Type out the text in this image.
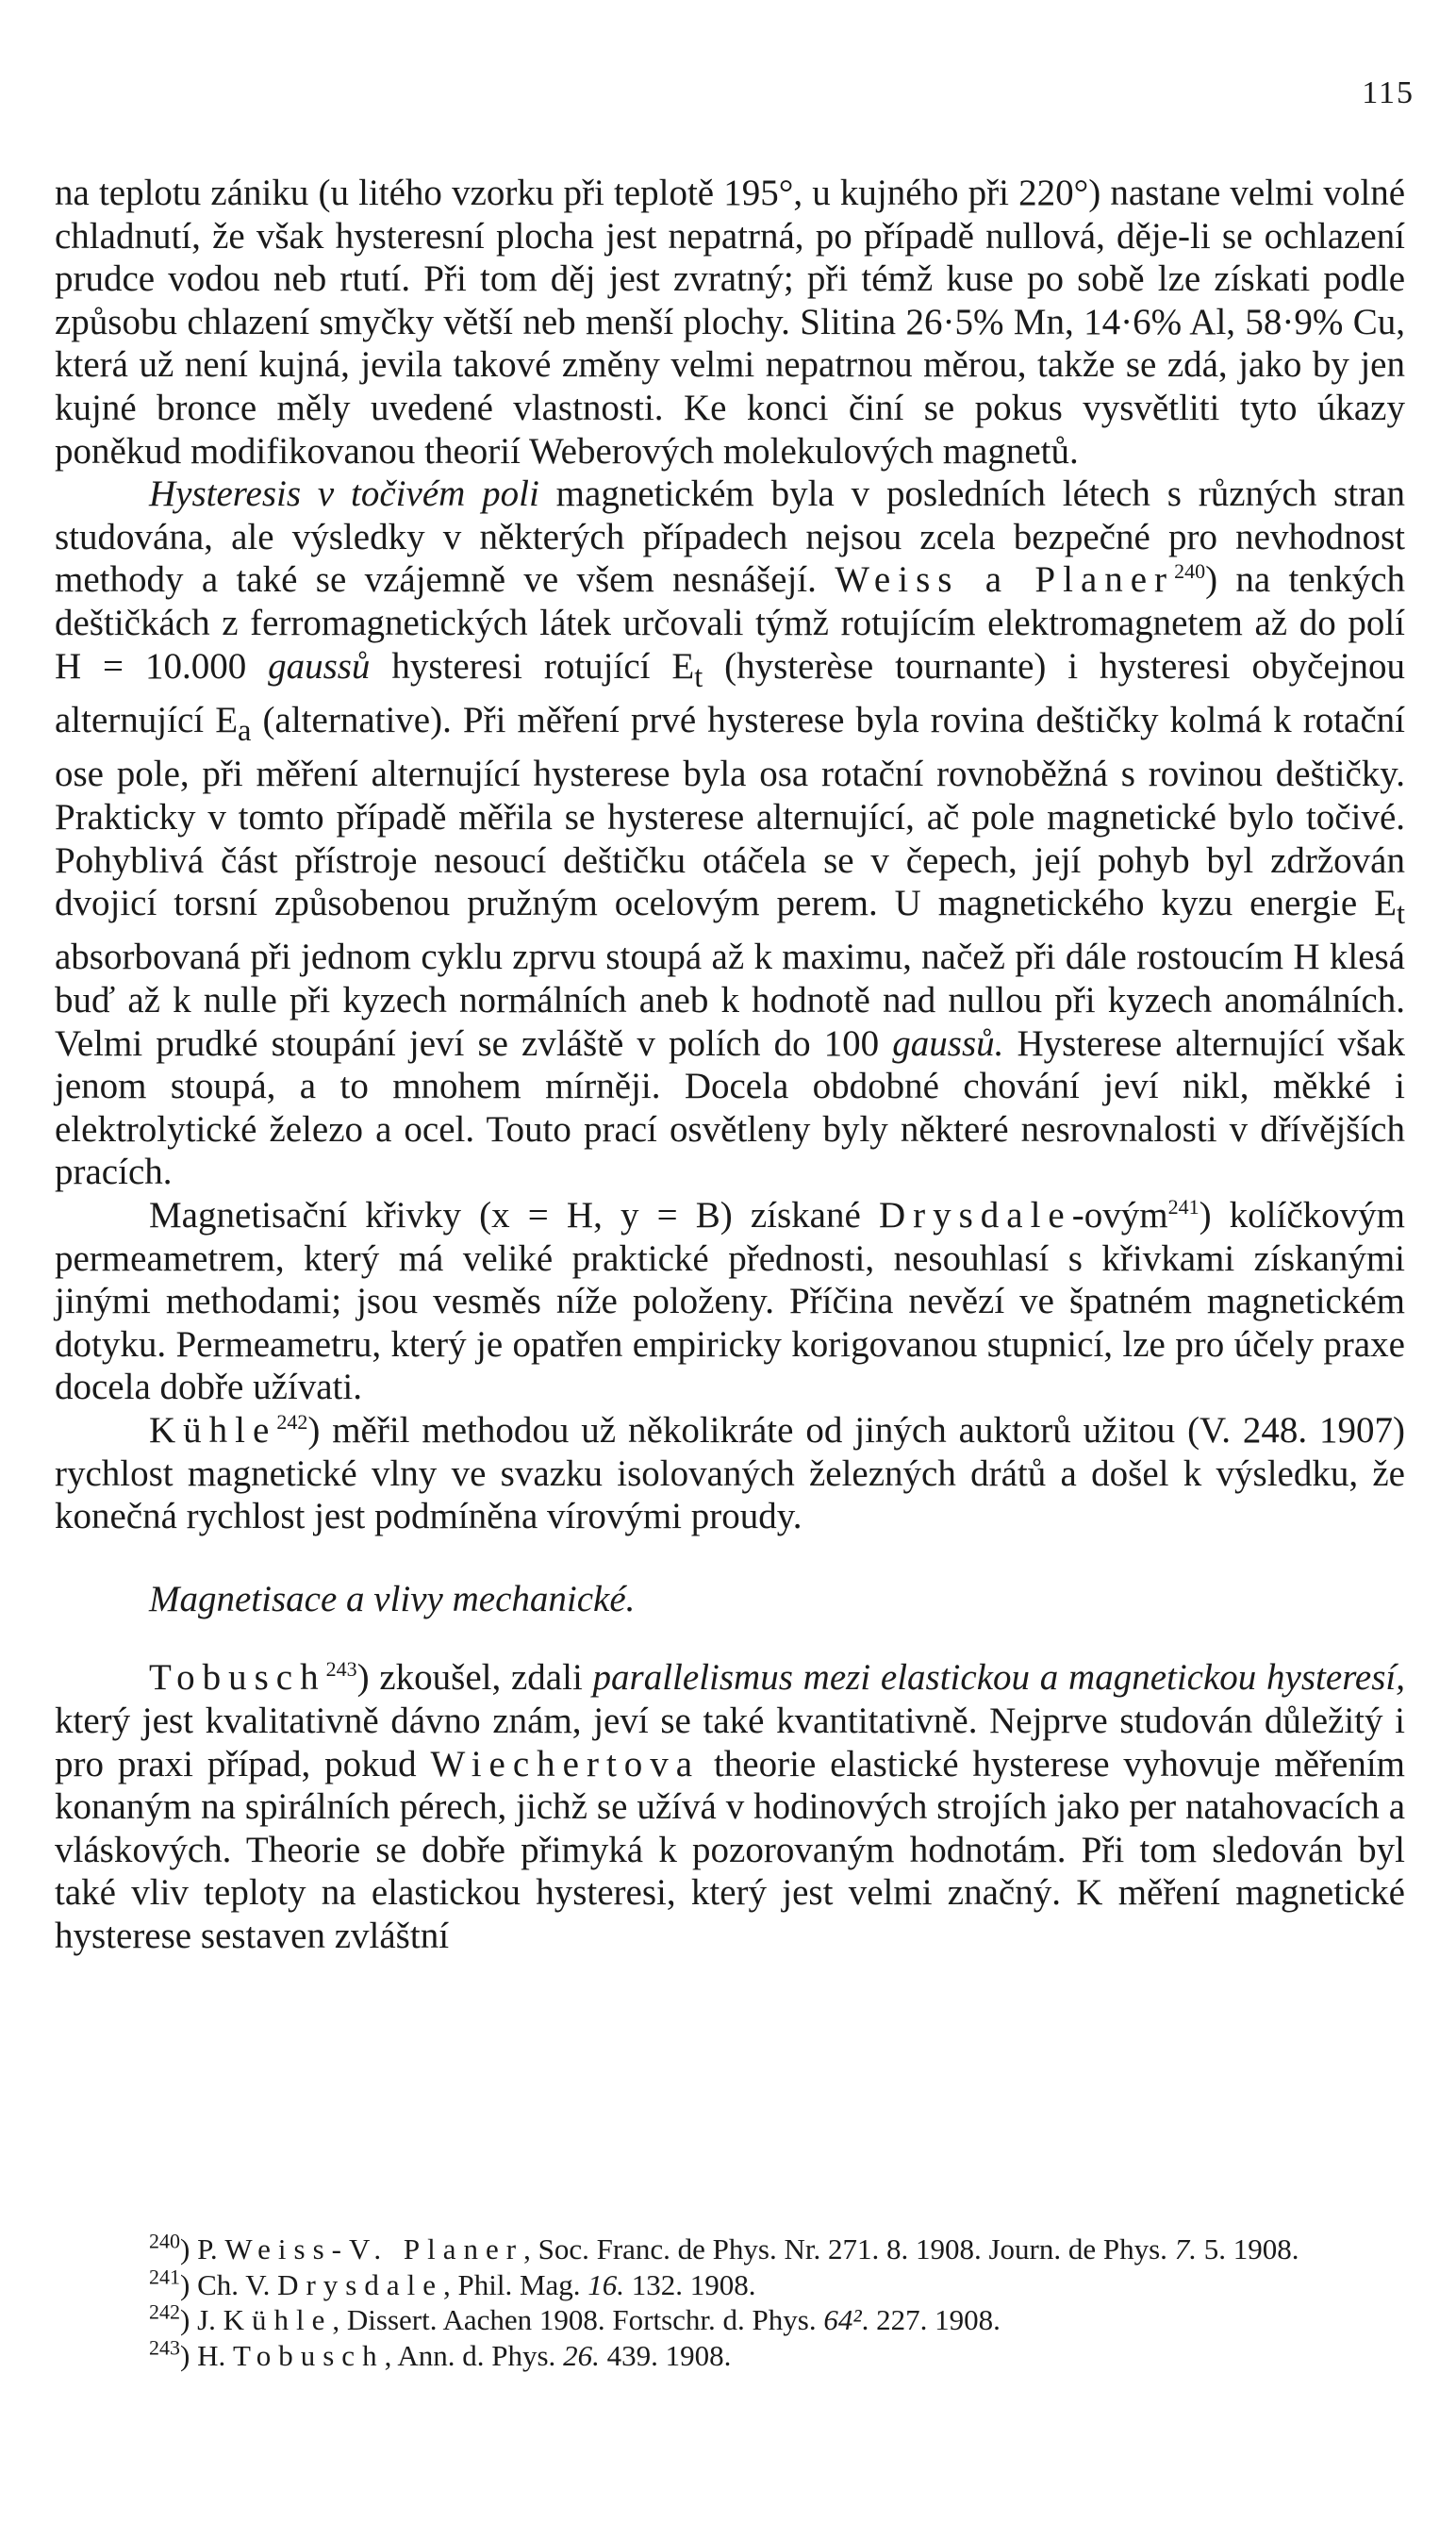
115

na teplotu zániku (u litého vzorku při teplotě 195°, u kujného při 220°) nastane velmi volné chladnutí, že však hysteresní plocha jest nepatrná, po případě nullová, děje-li se ochlazení prudce vodou neb rtutí. Při tom děj jest zvratný; při témž kuse po sobě lze získati podle způsobu chlazení smyčky větší neb menší plochy. Slitina 26·5% Mn, 14·6% Al, 58·9% Cu, která už není kujná, jevila takové změny velmi nepatrnou měrou, takže se zdá, jako by jen kujné bronce měly uvedené vlastnosti. Ke konci činí se pokus vysvětliti tyto úkazy poněkud modifikovanou theorií Weberových molekulových magnetů.

Hysteresis v točivém poli magnetickém byla v posledních létech s různých stran studována, ale výsledky v některých případech nejsou zcela bezpečné pro nevhodnost methody a také se vzájemně ve všem nesnášejí. Weiss a Planer$^{240}$) na tenkých deštičkách z ferromagnetických látek určovali týmž rotujícím elektromagnetem až do polí H = 10.000 gaussů hysteresi rotující $E_t$ (hysterèse tournante) i hysteresi obyčejnou alternující $E_a$ (alternative). Při měření prvé hysterese byla rovina deštičky kolmá k rotační ose pole, při měření alternující hysterese byla osa rotační rovnoběžná s rovinou deštičky. Prakticky v tomto případě měřila se hysterese alternující, ač pole magnetické bylo točivé. Pohyblivá část přístroje nesoucí deštičku otáčela se v čepech, její pohyb byl zdržován dvojicí torsní způsobenou pružným ocelovým perem. U magnetického kyzu energie $E_t$ absorbovaná při jednom cyklu zprvu stoupá až k maximu, načež při dále rostoucím H klesá buď až k nulle při kyzech normálních aneb k hodnotě nad nullou při kyzech anomálních. Velmi prudké stoupání jeví se zvláště v polích do 100 gaussů. Hysterese alternující však jenom stoupá, a to mnohem mírněji. Docela obdobné chování jeví nikl, měkké i elektrolytické železo a ocel. Touto prací osvětleny byly některé nesrovnalosti v dřívějších pracích.

Magnetisační křivky (x = H, y = B) získané Drysdale-ovým$^{241}$) kolíčkovým permeametrem, který má veliké praktické přednosti, nesouhlasí s křivkami získanými jinými methodami; jsou vesměs níže položeny. Příčina nevězí ve špatném magnetickém dotyku. Permeametru, který je opatřen empiricky korigovanou stupnicí, lze pro účely praxe docela dobře užívati.

Kühle$^{242}$) měřil methodou už několikráte od jiných auktorů užitou (V. 248. 1907) rychlost magnetické vlny ve svazku isolovaných železných drátů a došel k výsledku, že konečná rychlost jest podmíněna vírovými proudy.

Magnetisace a vlivy mechanické.

Tobusch$^{243}$) zkoušel, zdali parallelismus mezi elastickou a magnetickou hysteresí, který jest kvalitativně dávno znám, jeví se také kvantitativně. Nejprve studován důležitý i pro praxi případ, pokud Wiechertova theorie elastické hysterese vyhovuje měřením konaným na spirálních pérech, jichž se užívá v hodinových strojích jako per natahovacích a vláskových. Theorie se dobře přimyká k pozorovaným hodnotám. Při tom sledován byl také vliv teploty na elastickou hysteresi, který jest velmi značný. K měření magnetické hysterese sestaven zvláštní

$^{240}$) P. Weiss-V. Planer, Soc. Franc. de Phys. Nr. 271. 8. 1908. Journ. de Phys. 7. 5. 1908.

$^{241}$) Ch. V. Drysdale, Phil. Mag. 16. 132. 1908.

$^{242}$) J. Kühle, Dissert. Aachen 1908. Fortschr. d. Phys. 64². 227. 1908.

$^{243}$) H. Tobusch, Ann. d. Phys. 26. 439. 1908.
